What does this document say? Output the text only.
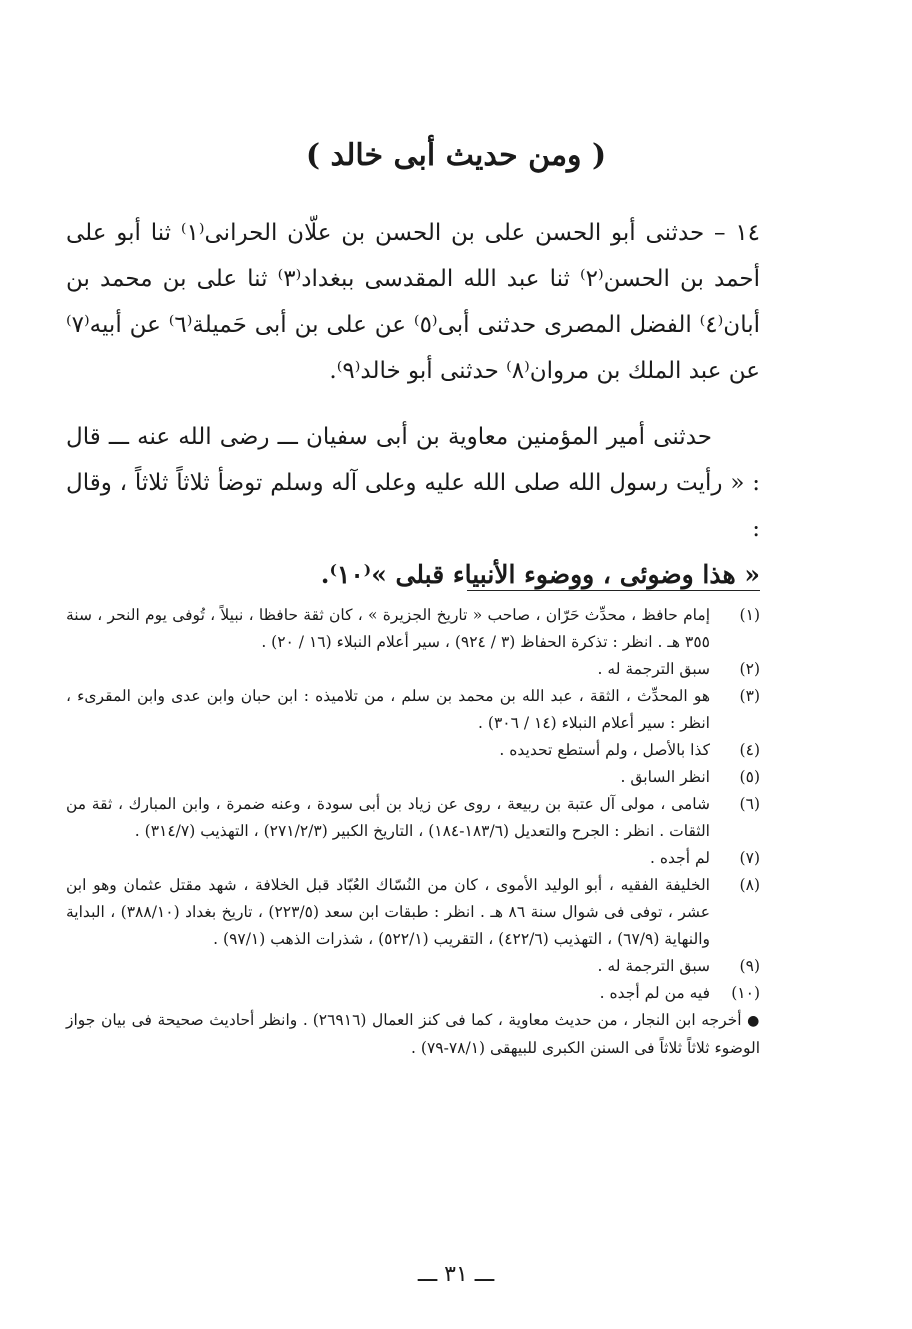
( ومن حديث أبى خالد )

١٤ – حدثنى أبو الحسن على بن الحسن بن علّان الحرانى⁽١⁾ ثنا أبو على أحمد بن الحسن⁽٢⁾ ثنا عبد الله المقدسى ببغداد⁽٣⁾ ثنا على بن محمد بن أبان⁽٤⁾ الفضل المصرى حدثنى أبى⁽٥⁾ عن على بن أبى حَميلة⁽٦⁾ عن أبيه⁽٧⁾ عن عبد الملك بن مروان⁽٨⁾ حدثنى أبو خالد⁽٩⁾.

حدثنى أمير المؤمنين معاوية بن أبى سفيان ـــ رضى الله عنه ـــ قال : « رأيت رسول الله صلى الله عليه وعلى آله وسلم توضأ ثلاثاً ثلاثاً ، وقال :
« هذا وضوئى ، ووضوء الأنبياء قبلى »⁽١٠⁾.

(١)
إمام حافظ ، محدِّث حَرّان ، صاحب « تاريخ الجزيرة » ، كان ثقة حافظا ، نبيلاً ، تُوفى يوم النحر ، سنة ٣٥٥ هـ . انظر : تذكرة الحفاظ (٣ / ٩٢٤) ، سير أعلام النبلاء (١٦ / ٢٠) .
(٢)
سبق الترجمة له .
(٣)
هو المحدِّث ، الثقة ، عبد الله بن محمد بن سلم ، من تلاميذه : ابن حبان وابن عدى وابن المقرىء ، انظر : سير أعلام النبلاء (١٤ / ٣٠٦) .
(٤)
كذا بالأصل ، ولم أستطع تحديده .
(٥)
انظر السابق .
(٦)
شامى ، مولى آل عتبة بن ربيعة ، روى عن زياد بن أبى سودة ، وعنه ضمرة ، وابن المبارك ، ثقة من الثقات . انظر : الجرح والتعديل (١٨٣/٦-١٨٤) ، التاريخ الكبير (٢٧١/٢/٣) ، التهذيب (٣١٤/٧) .
(٧)
لم أجده .
(٨)
الخليفة الفقيه ، أبو الوليد الأموى ، كان من النُسّاك العُبّاد قبل الخلافة ، شهد مقتل عثمان وهو ابن عشر ، توفى فى شوال سنة ٨٦ هـ . انظر : طبقات ابن سعد (٢٢٣/٥) ، تاريخ بغداد (٣٨٨/١٠) ، البداية والنهاية (٦٧/٩) ، التهذيب (٤٢٢/٦) ، التقريب (٥٢٢/١) ، شذرات الذهب (٩٧/١) .
(٩)
سبق الترجمة له .
(١٠)
فيه من لم أجده .
● أخرجه ابن النجار ، من حديث معاوية ، كما فى كنز العمال (٢٦٩١٦) . وانظر أحاديث صحيحة فى بيان جواز الوضوء ثلاثاً ثلاثاً فى السنن الكبرى للبيهقى (٧٨/١-٧٩) .
ـــ ٣١ ـــ
